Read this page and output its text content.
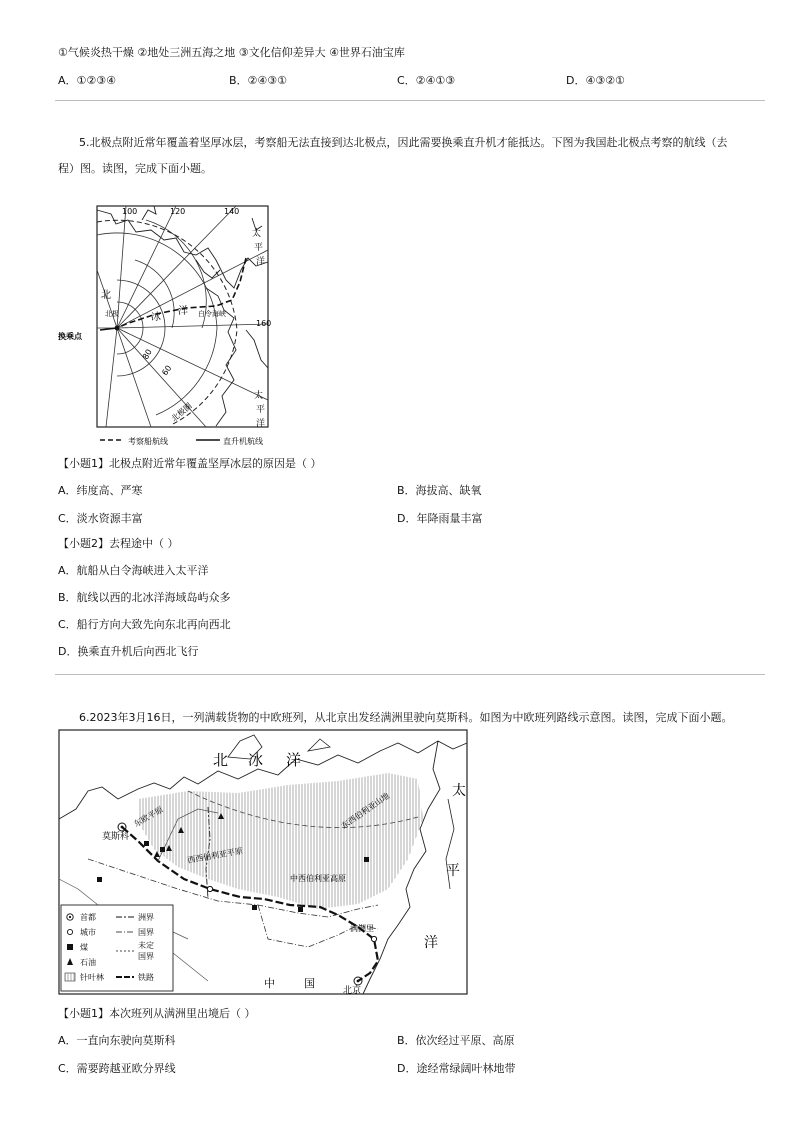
①气候炎热干燥 ②地处三洲五海之地 ③文化信仰差异大 ④世界石油宝库
A．①②③④	B．②④③①	C．②④①③	D．④③②①
5.北极点附近常年覆盖着坚厚冰层，考察船无法直接到达北极点，因此需要换乘直升机才能抵达。下图为我国赴北极点考察的航线（去
程）图。读图，完成下面小题。
100	120	140
160
80
60
北极
换乘点
北
冰
洋 白令海峡
太
平
洋
太
平
洋
北极圈
考察船航线	直升机航线
【小题1】北极点附近常年覆盖坚厚冰层的原因是（ ）
A．纬度高、严寒	B．海拔高、缺氧
C．淡水资源丰富	D．年降雨量丰富
【小题2】去程途中（ ）
A．航船从白令海峡进入太平洋
B．航线以西的北冰洋海域岛屿众多
C．船行方向大致先向东北再向西北
D．换乘直升机后向西北飞行
6.2023年3月16日，一列满载货物的中欧班列，从北京出发经满洲里驶向莫斯科。如图为中欧班列路线示意图。读图，完成下面小题。
北 冰 洋
太
平
洋
莫斯科
北京
满洲里
中	国
东欧平原
西西伯利亚平原
中西伯利亚高原
东西伯利亚山地
首都
城市
煤
石油
针叶林
洲界
国界
未定
国界
铁路
【小题1】本次班列从满洲里出境后（ ）
A．一直向东驶向莫斯科	B．依次经过平原、高原
C．需要跨越亚欧分界线	D．途经常绿阔叶林地带
